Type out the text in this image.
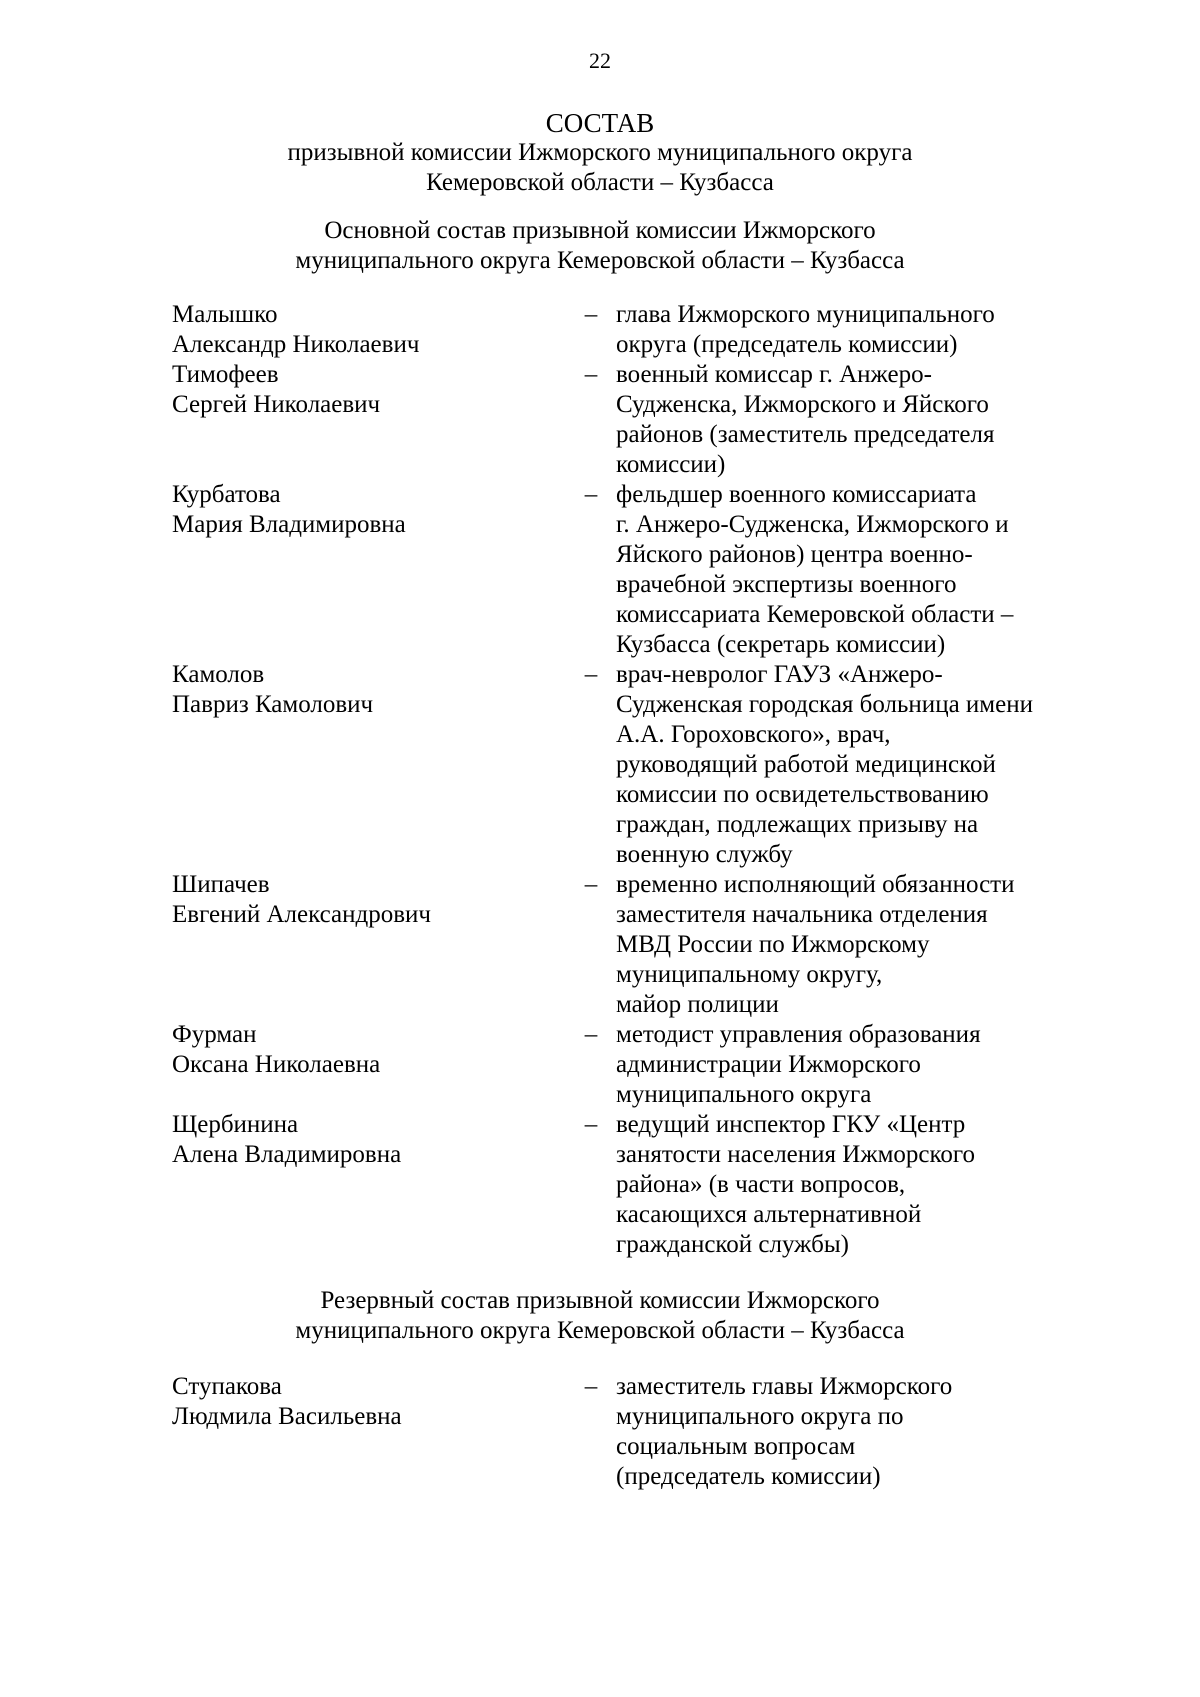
22
СОСТАВ
призывной комиссии Ижморского муниципального округа
Кемеровской области – Кузбасса
Основной состав призывной комиссии Ижморского
муниципального округа Кемеровской области – Кузбасса
Малышко
Александр Николаевич
– глава Ижморского муниципального
округа (председатель комиссии)
Тимофеев
Сергей Николаевич
– военный комиссар г. Анжеро-
Судженска, Ижморского и Яйского
районов (заместитель председателя
комиссии)
Курбатова
Мария Владимировна
– фельдшер военного комиссариата
г. Анжеро-Судженска, Ижморского и
Яйского районов) центра военно-
врачебной экспертизы военного
комиссариата Кемеровской области –
Кузбасса (секретарь комиссии)
Камолов
Павриз Камолович
– врач-невролог ГАУЗ «Анжеро-
Судженская городская больница имени
А.А. Гороховского», врач,
руководящий работой медицинской
комиссии по освидетельствованию
граждан, подлежащих призыву на
военную службу
Шипачев
Евгений Александрович
– временно исполняющий обязанности
заместителя начальника отделения
МВД России по Ижморскому
муниципальному округу,
майор полиции
Фурман
Оксана Николаевна
– методист управления образования
администрации Ижморского
муниципального округа
Щербинина
Алена Владимировна
– ведущий инспектор ГКУ «Центр
занятости населения Ижморского
района» (в части вопросов,
касающихся альтернативной
гражданской службы)
Резервный состав призывной комиссии Ижморского
муниципального округа Кемеровской области – Кузбасса
Ступакова
Людмила Васильевна
– заместитель главы Ижморского
муниципального округа по
социальным вопросам
(председатель комиссии)
